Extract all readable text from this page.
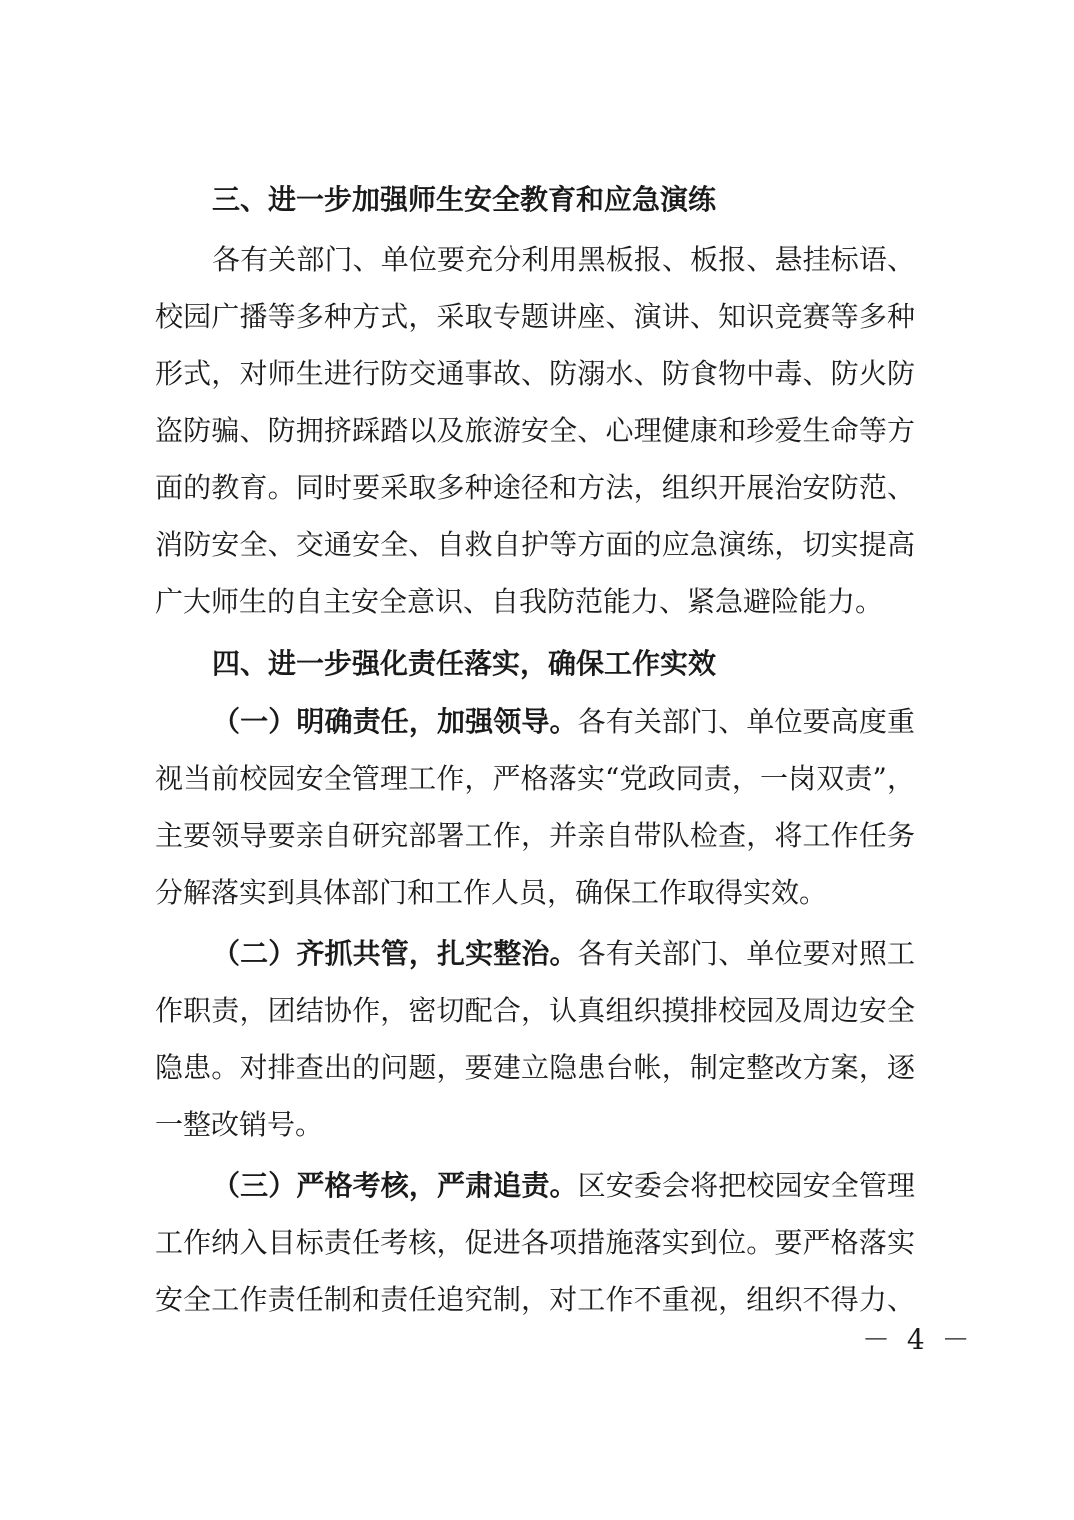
三、进一步加强师生安全教育和应急演练
各有关部门、单位要充分利用黑板报、板报、悬挂标语、
校园广播等多种方式，采取专题讲座、演讲、知识竞赛等多种
形式，对师生进行防交通事故、防溺水、防食物中毒、防火防
盗防骗、防拥挤踩踏以及旅游安全、心理健康和珍爱生命等方
面的教育。同时要采取多种途径和方法，组织开展治安防范、
消防安全、交通安全、自救自护等方面的应急演练，切实提高
广大师生的自主安全意识、自我防范能力、紧急避险能力。
四、进一步强化责任落实，确保工作实效
（一）明确责任，加强领导。各有关部门、单位要高度重
视当前校园安全管理工作，严格落实“党政同责，一岗双责”，
主要领导要亲自研究部署工作，并亲自带队检查，将工作任务
分解落实到具体部门和工作人员，确保工作取得实效。
（二）齐抓共管，扎实整治。各有关部门、单位要对照工
作职责，团结协作，密切配合，认真组织摸排校园及周边安全
隐患。对排查出的问题，要建立隐患台帐，制定整改方案，逐
一整改销号。
（三）严格考核，严肃追责。区安委会将把校园安全管理
工作纳入目标责任考核，促进各项措施落实到位。要严格落实
安全工作责任制和责任追究制，对工作不重视，组织不得力、
－ 4 －
